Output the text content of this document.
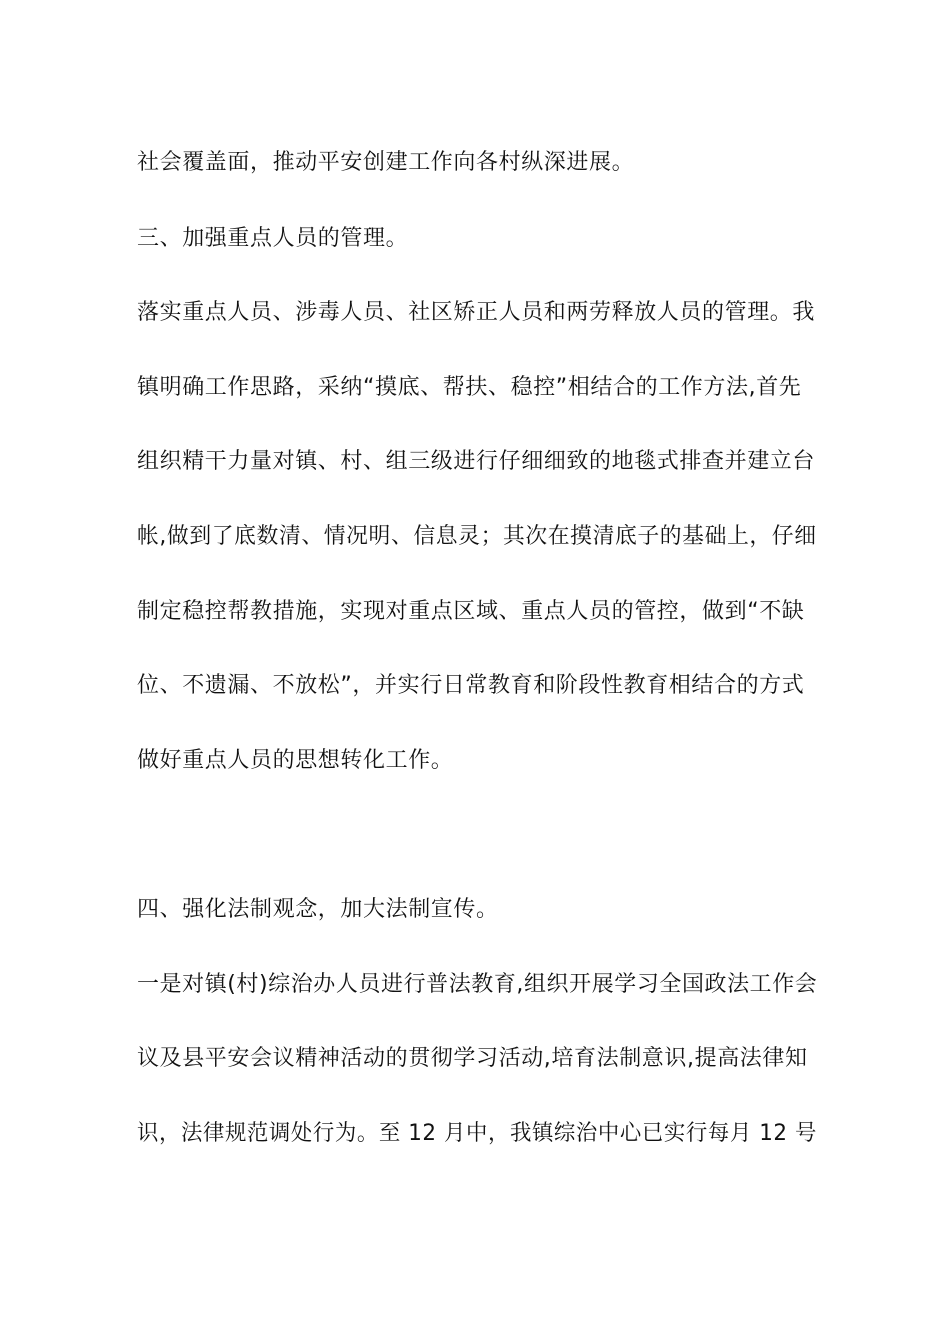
社会覆盖面，推动平安创建工作向各村纵深进展。
三、加强重点人员的管理。
落实重点人员、涉毒人员、社区矫正人员和两劳释放人员的管理。我
镇明确工作思路，采纳“摸底、帮扶、稳控”相结合的工作方法,首先
组织精干力量对镇、村、组三级进行仔细细致的地毯式排查并建立台
帐,做到了底数清、情况明、信息灵；其次在摸清底子的基础上，仔细
制定稳控帮教措施，实现对重点区域、重点人员的管控，做到“不缺
位、不遗漏、不放松”，并实行日常教育和阶段性教育相结合的方式
做好重点人员的思想转化工作。
四、强化法制观念，加大法制宣传。
一是对镇(村)综治办人员进行普法教育,组织开展学习全国政法工作会
议及县平安会议精神活动的贯彻学习活动,培育法制意识,提高法律知
识，法律规范调处行为。至 12 月中，我镇综治中心已实行每月 12 号
